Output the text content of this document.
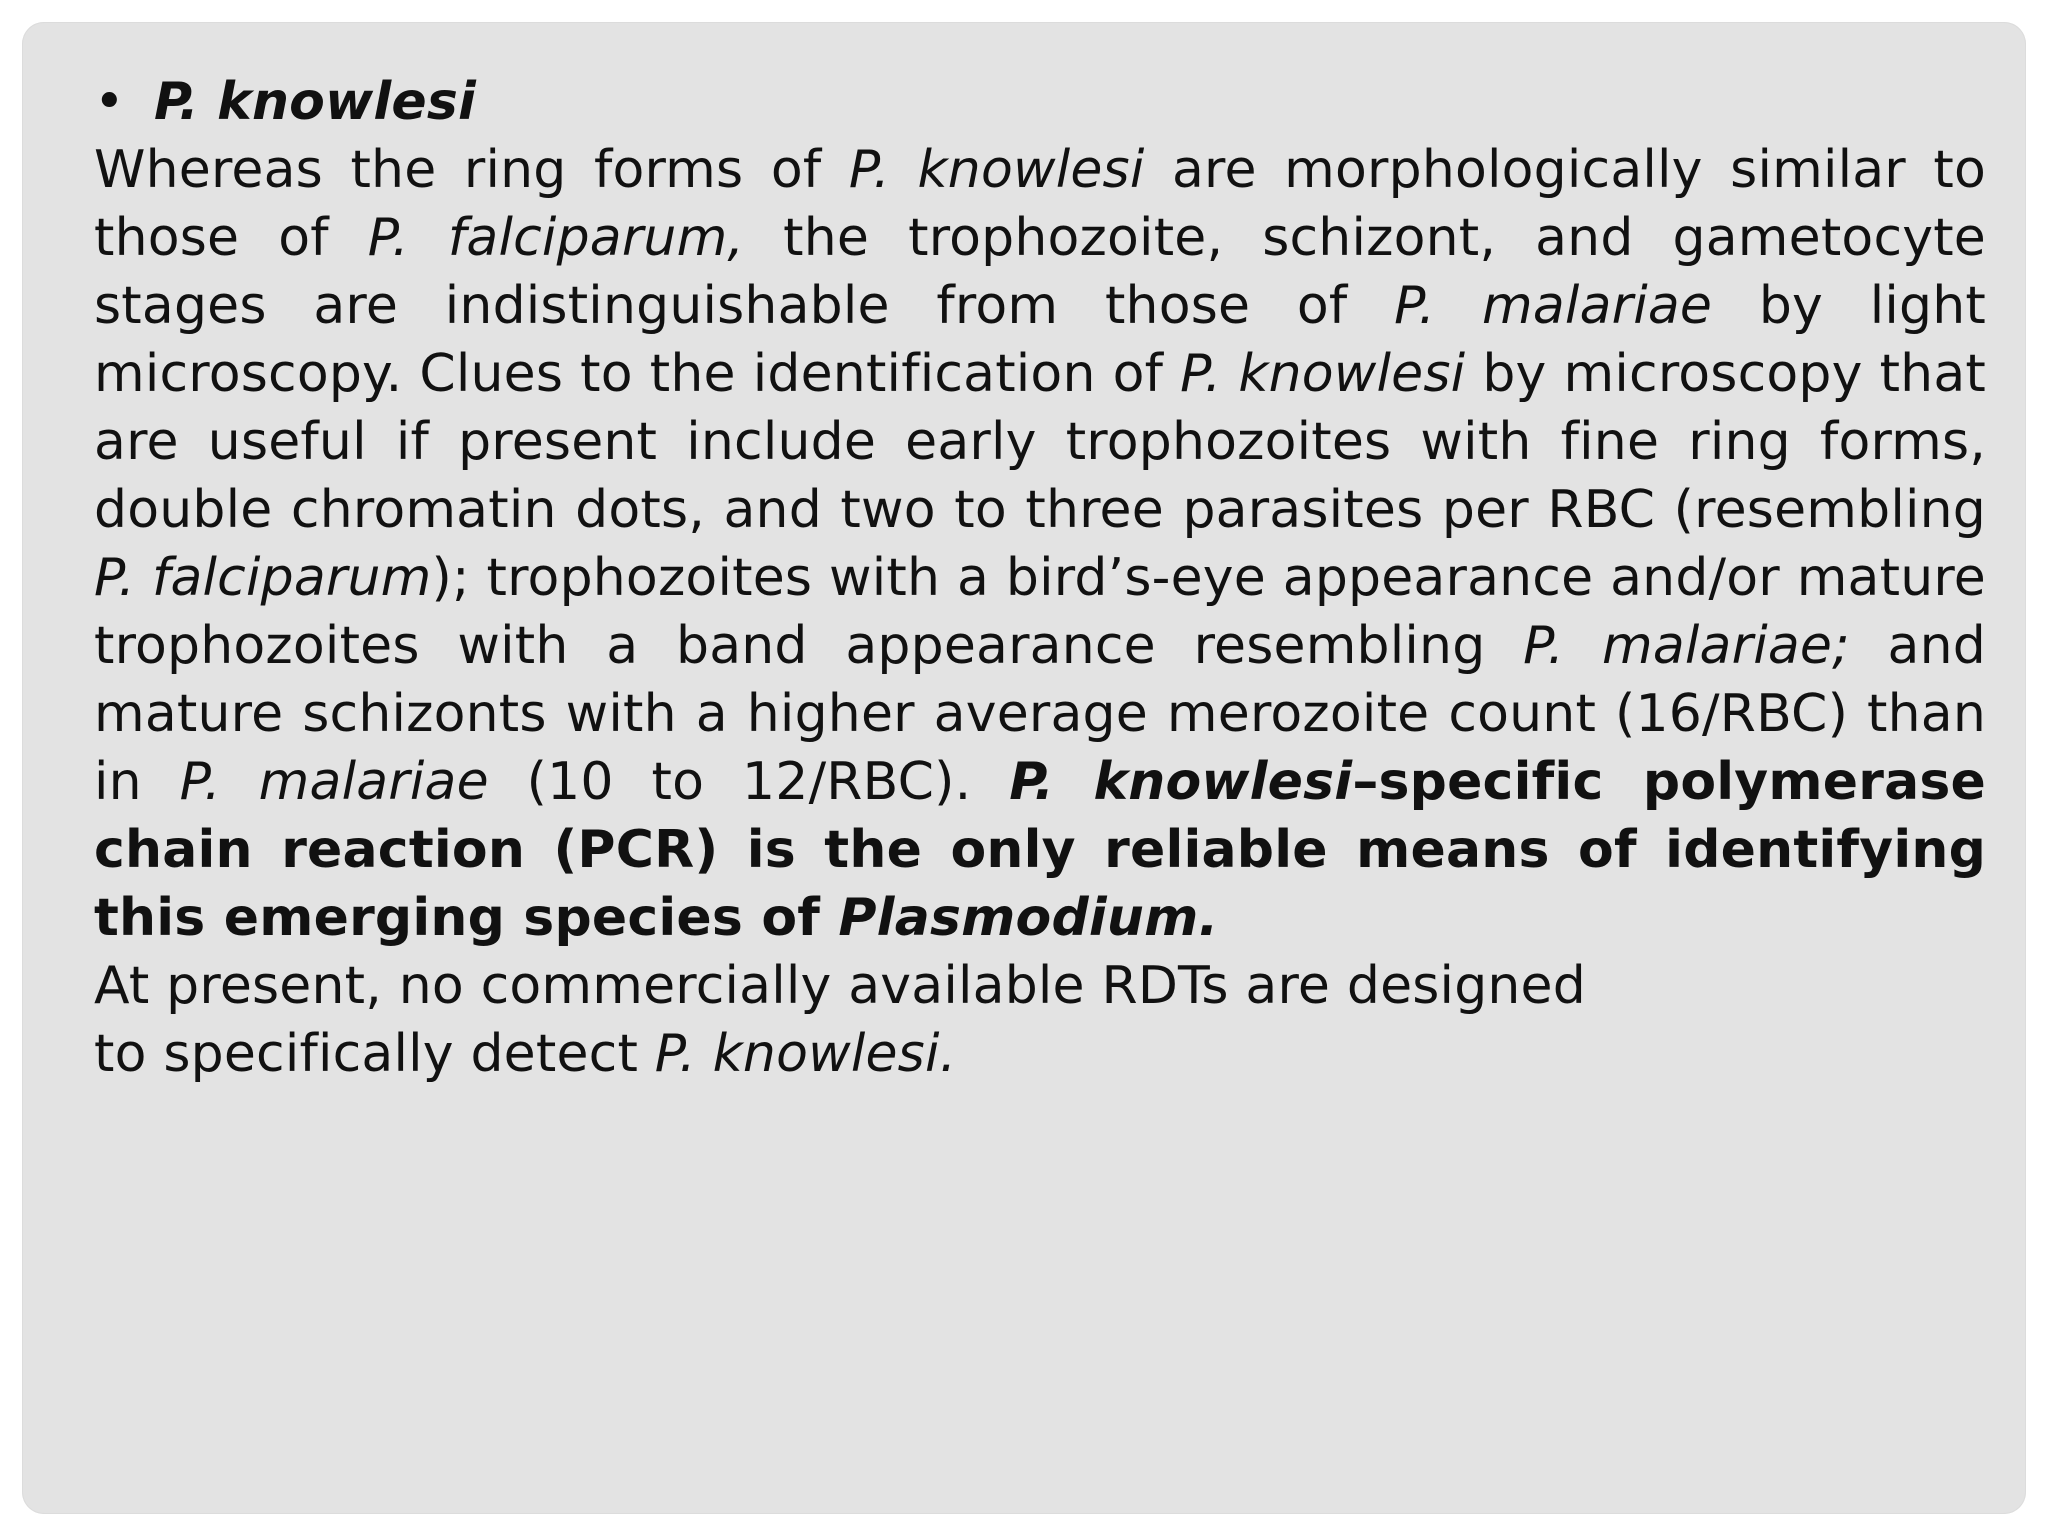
• P. knowlesi

Whereas the ring forms of P. knowlesi are morphologically similar to those of P. falciparum, the trophozoite, schizont, and gametocyte stages are indistinguishable from those of P. malariae by light microscopy. Clues to the identification of P. knowlesi by microscopy that are useful if present include early trophozoites with fine ring forms, double chromatin dots, and two to three parasites per RBC (resembling P. falciparum); trophozoites with a bird’s-eye appearance and/or mature trophozoites with a band appearance resembling P. malariae; and mature schizonts with a higher average merozoite count (16/RBC) than in P. malariae (10 to 12/RBC). P. knowlesi–specific polymerase chain reaction (PCR) is the only reliable means of identifying this emerging species of Plasmodium.

At present, no commercially available RDTs are designed

to specifically detect P. knowlesi.
